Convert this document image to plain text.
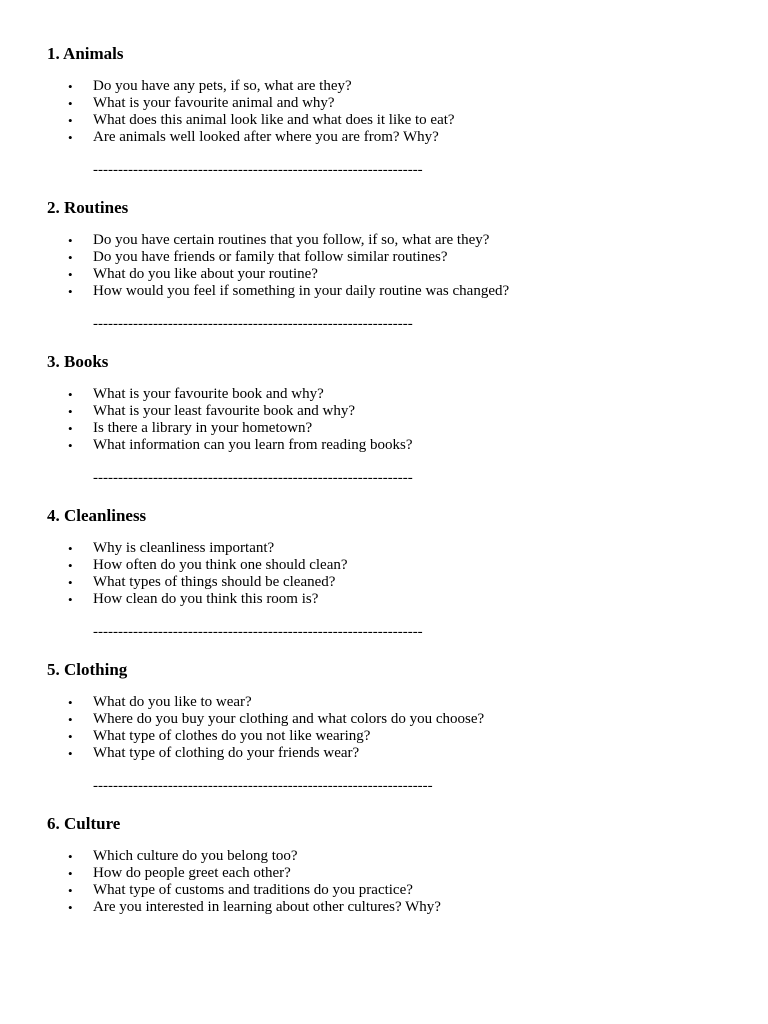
1. Animals
• Do you have any pets, if so, what are they?
• What is your favourite animal and why?
• What does this animal look like and what does it like to eat?
• Are animals well looked after where you are from? Why?
------------------------------------------------------------------
2. Routines
• Do you have certain routines that you follow, if so, what are they?
• Do you have friends or family that follow similar routines?
• What do you like about your routine?
• How would you feel if something in your daily routine was changed?
----------------------------------------------------------------
3. Books
• What is your favourite book and why?
• What is your least favourite book and why?
• Is there a library in your hometown?
• What information can you learn from reading books?
----------------------------------------------------------------
4. Cleanliness
• Why is cleanliness important?
• How often do you think one should clean?
• What types of things should be cleaned?
• How clean do you think this room is?
------------------------------------------------------------------
5. Clothing
• What do you like to wear?
• Where do you buy your clothing and what colors do you choose?
• What type of clothes do you not like wearing?
• What type of clothing do your friends wear?
--------------------------------------------------------------------
6. Culture
• Which culture do you belong too?
• How do people greet each other?
• What type of customs and traditions do you practice?
• Are you interested in learning about other cultures? Why?
